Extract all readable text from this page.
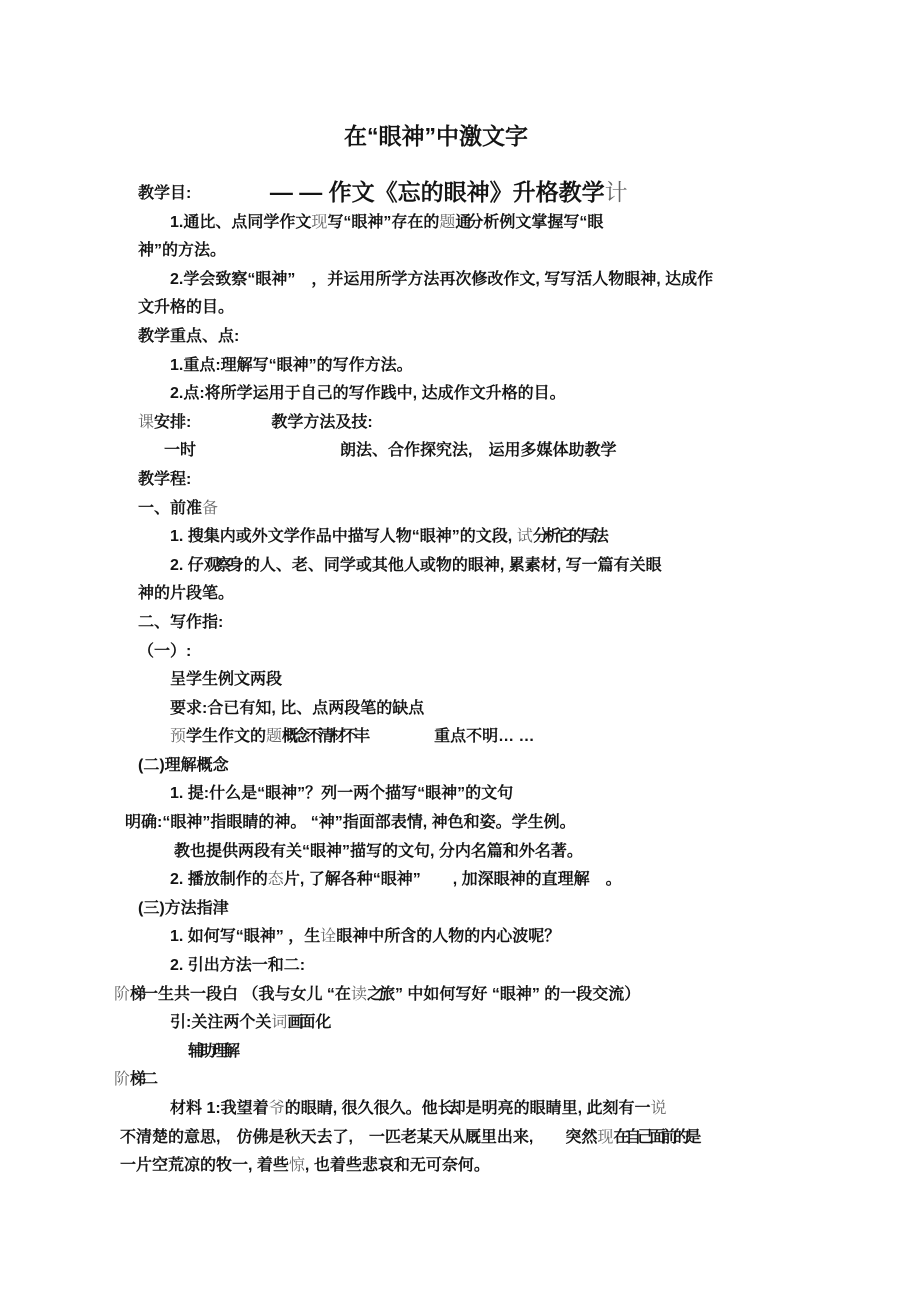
在“眼神”中激文字

— — 作文《忘的眼神》升格教学计

教学目:
1.通比、点同学作文现写“眼神”存在的题通分 析例文掌握写“眼
神”的方法。
2.学会致察“眼神”　，并运用所学方法再次修改作文, 写写活人物眼神, 达成作
文升格的目。
教学重点、点:
1.重点:理解写“眼神”的写作方法。
2.点:将所学运用于自己的写作践中, 达成作文升格的目。
课安排:　　　　　	教学方法及技:
一时　　　　　　　　　	朗法、合作探究法,　 运用多媒体助教学
教学程:
一、前准备
1. 搜集内或外文学作品中描写人物“眼神”的文段, 试分析它的写法
2. 仔观察身 的人、老、同学或其他人或物的眼神, 累素材, 写一篇有关眼
神的片段笔。
二、写作指:
（一）:
呈学生例文两段
要求:合已有知, 比、点两段笔的缺点
预学生作文的题概念不清材不丰　　　　	重点不明… …
(二)理解概念
1. 提:什么是“眼神”？列一两个描写“眼神”的文句
明确:“眼神”指眼睛的神。 “神”指面部表情, 神色和姿。学生例。
教也提供两段有关“眼神”描写的文句, 分内名篇和外名著。
2. 播放制作的态片, 了解各种“眼神”　　 , 加深眼神的直理解　 。
(三)方法指津
1. 如何写“眼神” ，生诠眼神中所含的人物的内心波呢？
2. 引出方法一和二:
阶梯一 生共一段白 （我与女儿 “在读之旅 ” 中如何写好 “眼神” 的一段交流）
引:关注两个关词画面 化
辅助理解
阶梯二
材料 1:我望着爷的眼睛, 很久很久。他长却 是明亮的眼睛里, 此刻有一说
不清楚的意思,　仿佛是秋天去了,　一匹老某天从厩里出来,　　突然现在自己面前的是
一片空荒凉的牧一, 着些惊, 也着些悲哀和无可奈何。
